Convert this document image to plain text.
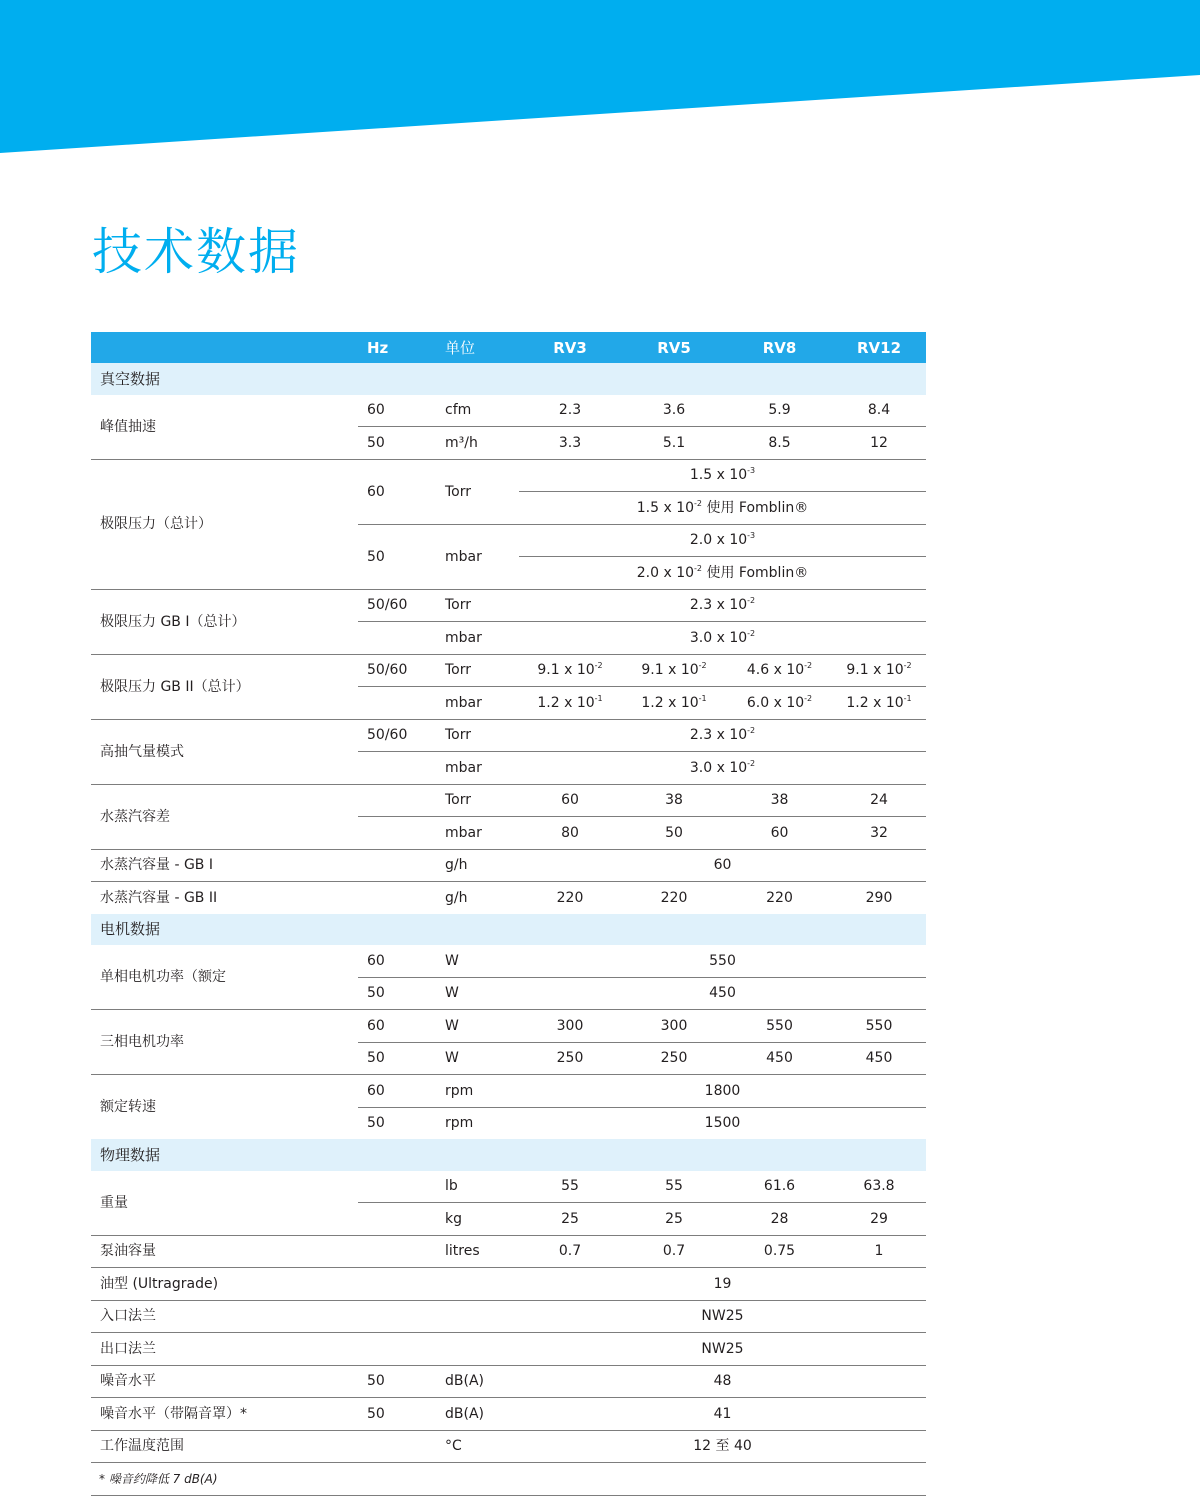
技术数据
	Hz	单位	RV3	RV5	RV8	RV12
真空数据						
峰值抽速	60	cfm	2.3	3.6	5.9	8.4
	50	m³/h	3.3	5.1	8.5	12
极限压力（总计）	60	Torr	1.5 x $10^{-3}$
			1.5 x $10^{-2}$ 使用 Fomblin®			
	50	mbar	2.0 x $10^{-3}$
			2.0 x $10^{-2}$ 使用 Fomblin®			
极限压力 GB I（总计）	50/60	Torr	2.3 x $10^{-2}$
		mbar	3.0 x $10^{-2}$
极限压力 GB II（总计）	50/60	Torr	9.1 x $10^{-2}$	9.1 x $10^{-2}$	4.6 x $10^{-2}$	9.1 x $10^{-2}$
		mbar	1.2 x $10^{-1}$	1.2 x $10^{-1}$	6.0 x $10^{-2}$	1.2 x $10^{-1}$
高抽气量模式	50/60	Torr	2.3 x $10^{-2}$
		mbar	3.0 x $10^{-2}$
水蒸汽容差		Torr	60	38	38	24
		mbar	80	50	60	32
水蒸汽容量 - GB I		g/h	60			
水蒸汽容量 - GB II		g/h	220	220	220	290
电机数据						
单相电机功率（额定	60	W	550			
	50	W	450			
三相电机功率	60	W	300	300	550	550
	50	W	250	250	450	450
额定转速	60	rpm	1800			
	50	rpm	1500			
物理数据						
重量		lb	55	55	61.6	63.8
		kg	25	25	28	29
泵油容量		litres	0.7	0.7	0.75	1
油型 (Ultragrade)			19			
入口法兰			NW25			
出口法兰			NW25			
噪音水平	50	dB(A)	48			
噪音水平（带隔音罩）*	50	dB(A)	41			
工作温度范围		°C	12 至 40			
* 噪音约降低 7 dB(A)						
